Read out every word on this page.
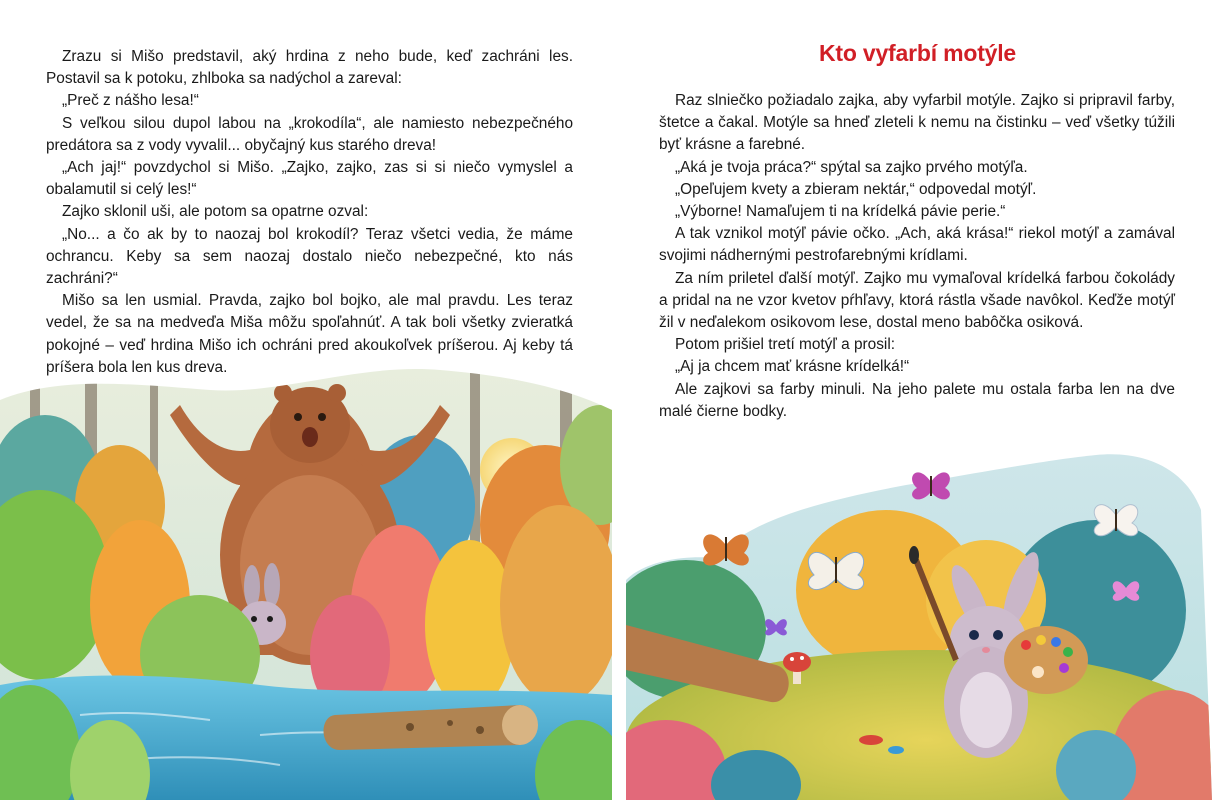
Zrazu si Mišo predstavil, aký hrdina z neho bude, keď zachráni les. Postavil sa k potoku, zhlboka sa nadýchol a zareval:

„Preč z nášho lesa!“

S veľkou silou dupol labou na „krokodíla“, ale namiesto nebezpečného predátora sa z vody vyvalil... obyčajný kus starého dreva!

„Ach jaj!“ povzdychol si Mišo. „Zajko, zajko, zas si si niečo vymyslel a obalamutil si celý les!“

Zajko sklonil uši, ale potom sa opatrne ozval:

„No... a čo ak by to naozaj bol krokodíl? Teraz všetci vedia, že máme ochrancu. Keby sa sem naozaj dostalo niečo nebezpečné, kto nás zachráni?“

Mišo sa len usmial. Pravda, zajko bol bojko, ale mal pravdu. Les teraz vedel, že sa na medveďa Miša môžu spoľahnúť. A tak boli všetky zvieratká pokojné – veď hrdina Mišo ich ochráni pred akoukoľvek príšerou. Aj keby tá príšera bola len kus dreva.

Kto vyfarbí motýle

Raz slniečko požiadalo zajka, aby vyfarbil motýle. Zajko si pripravil farby, štetce a čakal. Motýle sa hneď zleteli k nemu na čistinku – veď všetky túžili byť krásne a farebné.

„Aká je tvoja práca?“ spýtal sa zajko prvého motýľa.

„Opeľujem kvety a zbieram nektár,“ odpovedal motýľ.

„Výborne! Namaľujem ti na krídelká pávie perie.“

A tak vznikol motýľ pávie očko. „Ach, aká krása!“ riekol motýľ a zamával svojimi nádhernými pestrofarebnými krídlami.

Za ním priletel ďalší motýľ. Zajko mu vymaľoval krídelká farbou čokolády a pridal na ne vzor kvetov pŕhľavy, ktorá rástla všade navôkol. Keďže motýľ žil v neďalekom osikovom lese, dostal meno babôčka osiková.

Potom prišiel tretí motýľ a prosil:

„Aj ja chcem mať krásne krídelká!“

Ale zajkovi sa farby minuli. Na jeho palete mu ostala farba len na dve malé čierne bodky.
